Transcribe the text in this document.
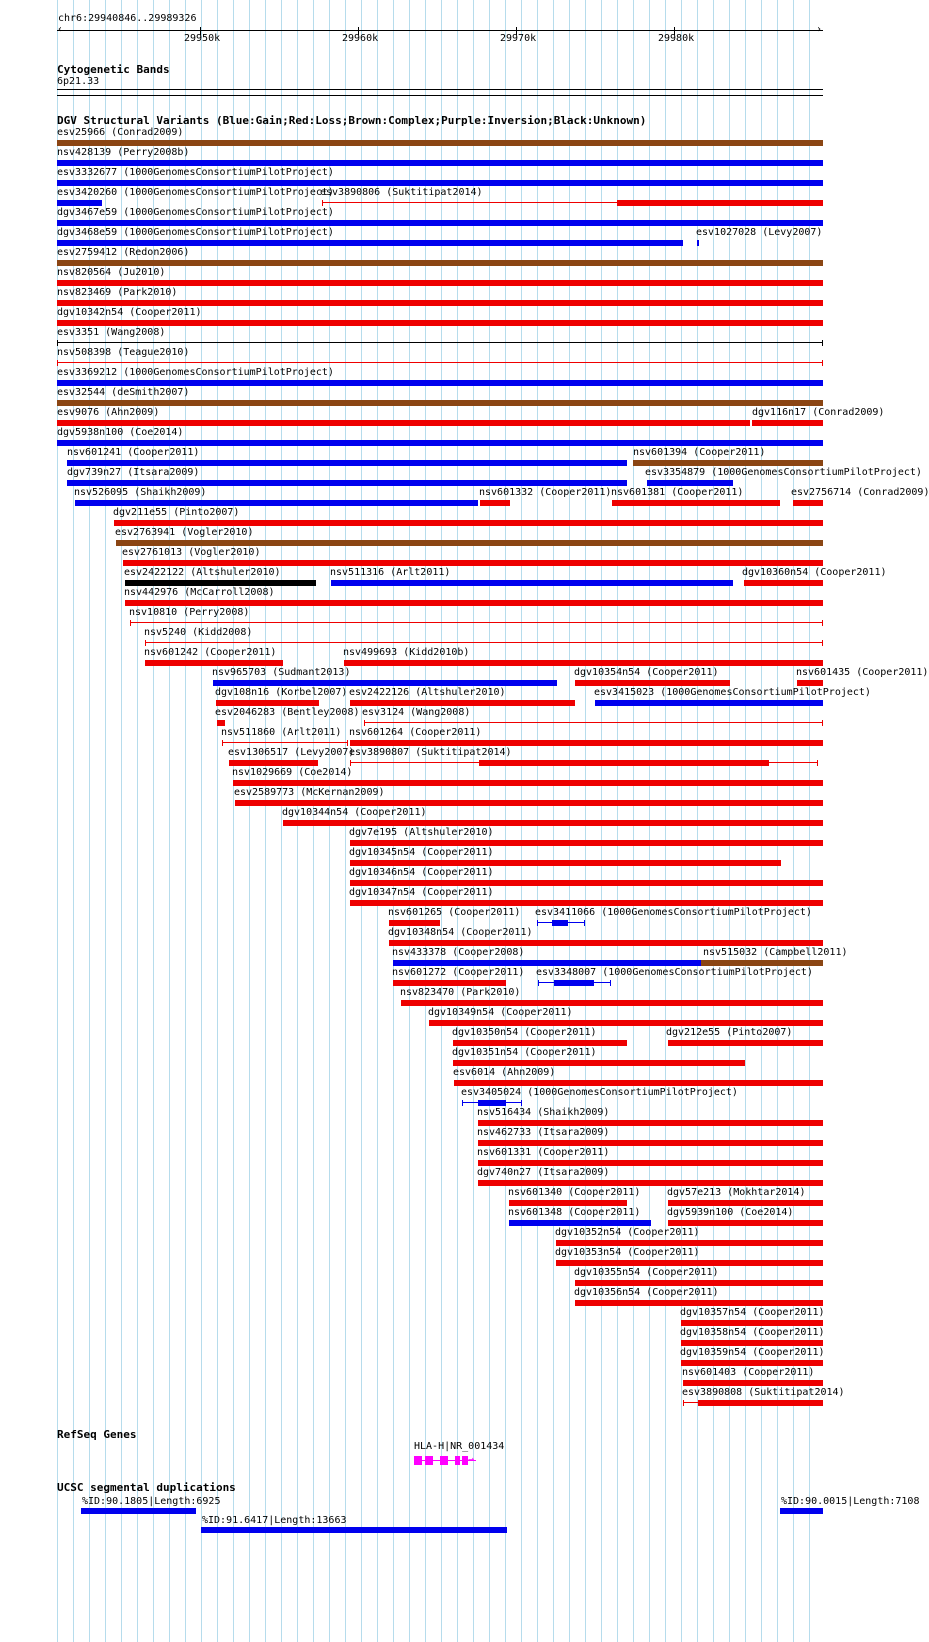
chr6:29940846..29989326
‹	›
29950k	29960k	29970k	29980k
Cytogenetic Bands
6p21.33
DGV Structural Variants (Blue:Gain;Red:Loss;Brown:Complex;Purple:Inversion;Black:Unknown)
esv25966 (Conrad2009)
nsv428139 (Perry2008b)
esv3332677 (1000GenomesConsortiumPilotProject)
esv3420260 (1000GenomesConsortiumPilotProject)
esv3890806 (Suktitipat2014)
dgv3467e59 (1000GenomesConsortiumPilotProject)
dgv3468e59 (1000GenomesConsortiumPilotProject)	esv1027028 (Levy2007)
esv2759412 (Redon2006)
nsv820564 (Ju2010)
nsv823469 (Park2010)
dgv10342n54 (Cooper2011)
esv3351 (Wang2008)
nsv508398 (Teague2010)
esv3369212 (1000GenomesConsortiumPilotProject)
esv32544 (deSmith2007)
esv9076 (Ahn2009)	dgv116n17 (Conrad2009)
dgv5938n100 (Coe2014)
nsv601241 (Cooper2011)	nsv601394 (Cooper2011)
dgv739n27 (Itsara2009)	esv3354879 (1000GenomesConsortiumPilotProject)
nsv526095 (Shaikh2009)	nsv601332 (Cooper2011) nsv601381 (Cooper2011)	esv2756714 (Conrad2009)
dgv211e55 (Pinto2007)
esv2763941 (Vogler2010)
esv2761013 (Vogler2010)
esv2422122 (Altshuler2010)	nsv511316 (Arlt2011)	dgv10360n54 (Cooper2011)
nsv442976 (McCarroll2008)
nsv10810 (Perry2008)
nsv5240 (Kidd2008)
nsv601242 (Cooper2011)	nsv499693 (Kidd2010b)
nsv965703 (Sudmant2013)	dgv10354n54 (Cooper2011)	nsv601435 (Cooper2011)
dgv108n16 (Korbel2007) esv2422126 (Altshuler2010)	esv3415023 (1000GenomesConsortiumPilotProject)
esv2046283 (Bentley2008) esv3124 (Wang2008)
nsv511860 (Arlt2011) nsv601264 (Cooper2011)
esv1306517 (Levy2007)
esv3890807 (Suktitipat2014)
nsv1029669 (Coe2014)
esv2589773 (McKernan2009)
dgv10344n54 (Cooper2011)
dgv7e195 (Altshuler2010)
dgv10345n54 (Cooper2011)
dgv10346n54 (Cooper2011)
dgv10347n54 (Cooper2011)
nsv601265 (Cooper2011) esv3411066 (1000GenomesConsortiumPilotProject)
dgv10348n54 (Cooper2011)
nsv433378 (Cooper2008)	nsv515032 (Campbell2011)
nsv601272 (Cooper2011) esv3348007 (1000GenomesConsortiumPilotProject)
nsv823470 (Park2010)
dgv10349n54 (Cooper2011)
dgv10350n54 (Cooper2011)	dgv212e55 (Pinto2007)
dgv10351n54 (Cooper2011)
esv6014 (Ahn2009)
esv3405024 (1000GenomesConsortiumPilotProject)
nsv516434 (Shaikh2009)
nsv462733 (Itsara2009)
nsv601331 (Cooper2011)
dgv740n27 (Itsara2009)
nsv601340 (Cooper2011)	dgv57e213 (Mokhtar2014)
nsv601348 (Cooper2011)	dgv5939n100 (Coe2014)
dgv10352n54 (Cooper2011)
dgv10353n54 (Cooper2011)
dgv10355n54 (Cooper2011)
dgv10356n54 (Cooper2011)
dgv10357n54 (Cooper2011)
dgv10358n54 (Cooper2011)
dgv10359n54 (Cooper2011)
nsv601403 (Cooper2011)
esv3890808 (Suktitipat2014)
RefSeq Genes
HLA-H|NR_001434
→
UCSC segmental duplications
%ID:90.1805|Length:6925	%ID:90.0015|Length:7108
%ID:91.6417|Length:13663
